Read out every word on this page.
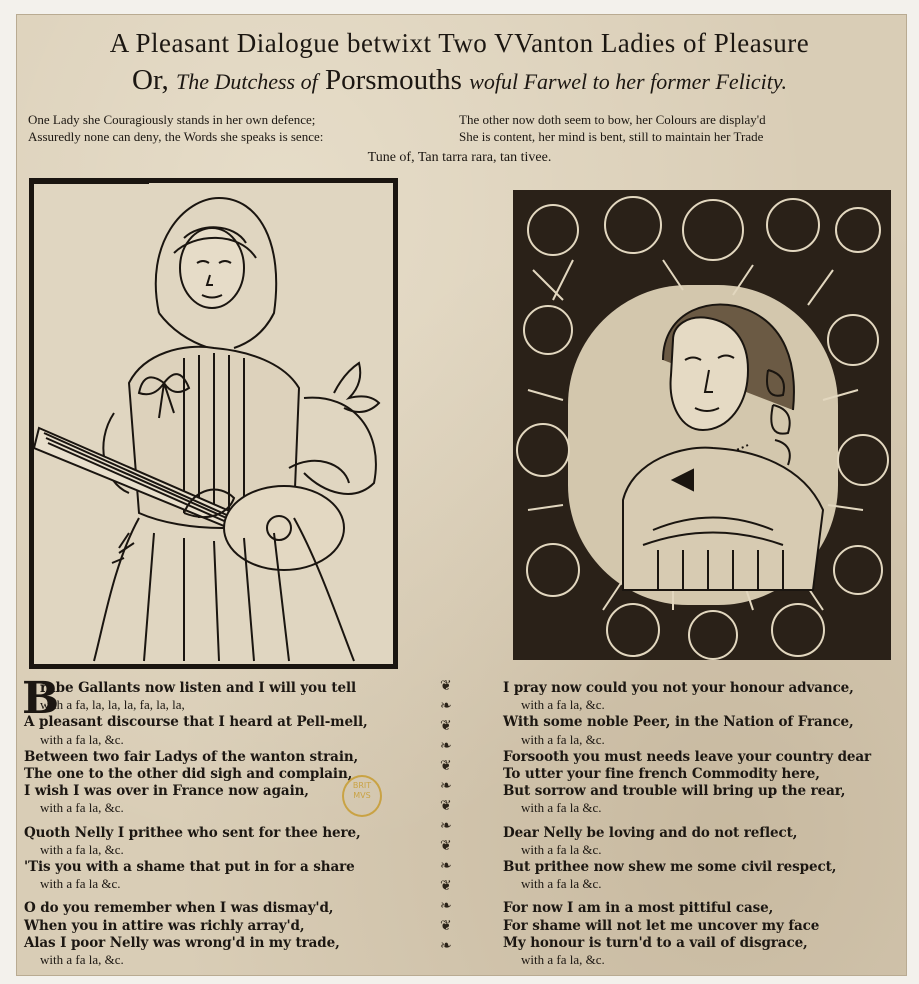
A Pleasant Dialogue betwixt Two VVanton Ladies of Pleasure
Or, The Dutchess of Porsmouths woful Farwel to her former Felicity.
One Lady she Couragiously stands in her own defence;
Assuredly none can deny, the Words she speaks is sence:
The other now doth seem to bow, her Colours are display'd
She is content, her mind is bent, still to maintain her Trade
Tune of, Tan tarra rara, tan tivee.
❦
❧
❦
❧
❦
❧
❦
❧
❦
❧
❦
❧
❦
❧
B
rabe Gallants now listen and I will you tell
with a fa, la, la, la, fa, la, la,
A pleasant discourse that I heard at Pell-mell,
with a fa la, &c.
Between two fair Ladys of the wanton strain,
The one to the other did sigh and complain,
I wish I was over in France now again,
with a fa la, &c.
Quoth Nelly I prithee who sent for thee here,
with a fa la, &c.
'Tis you with a shame that put in for a share
with a fa la &c.
O do you remember when I was dismay'd,
When you in attire was richly array'd,
Alas I poor Nelly was wrong'd in my trade,
with a fa la, &c.
I pray now could you not your honour advance,
with a fa la, &c.
With some noble Peer, in the Nation of France,
with a fa la, &c.
Forsooth you must needs leave your country dear
To utter your fine french Commodity here,
But sorrow and trouble will bring up the rear,
with a fa la &c.
Dear Nelly be loving and do not reflect,
with a fa la &c.
But prithee now shew me some civil respect,
with a fa la &c.
For now I am in a most pittiful case,
For shame will not let me uncover my face
My honour is turn'd to a vail of disgrace,
with a fa la, &c.
BRIT
MVS
